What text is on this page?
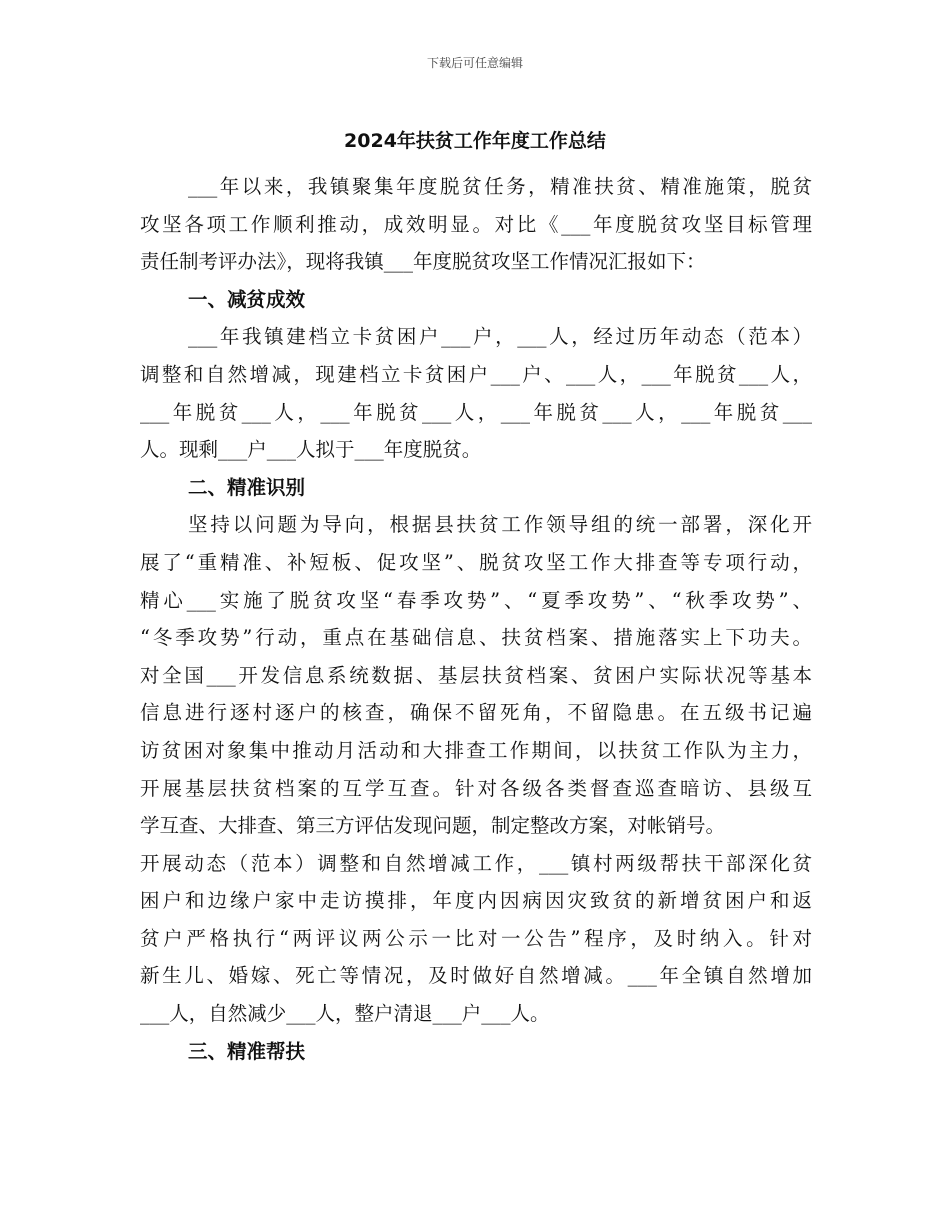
下载后可任意编辑
2024年扶贫工作年度工作总结
___年以来，我镇聚集年度脱贫任务，精准扶贫、精准施策，脱贫
攻坚各项工作顺利推动，成效明显。对比《___年度脱贫攻坚目标管理
责任制考评办法》，现将我镇___年度脱贫攻坚工作情况汇报如下：
一、减贫成效
___年我镇建档立卡贫困户___户，___人，经过历年动态（范本）
调整和自然增减，现建档立卡贫困户___户、___人，___年脱贫___人，
___年脱贫___人，___年脱贫___人，___年脱贫___人，___年脱贫___
人。现剩___户___人拟于___年度脱贫。
二、精准识别
坚持以问题为导向，根据县扶贫工作领导组的统一部署，深化开
展了“重精准、补短板、促攻坚”、脱贫攻坚工作大排查等专项行动，
精心___实施了脱贫攻坚“春季攻势”、“夏季攻势”、“秋季攻势”、
“冬季攻势”行动，重点在基础信息、扶贫档案、措施落实上下功夫。
对全国___开发信息系统数据、基层扶贫档案、贫困户实际状况等基本
信息进行逐村逐户的核查，确保不留死角，不留隐患。在五级书记遍
访贫困对象集中推动月活动和大排查工作期间，以扶贫工作队为主力，
开展基层扶贫档案的互学互查。针对各级各类督查巡查暗访、县级互
学互查、大排查、第三方评估发现问题，制定整改方案，对帐销号。
开展动态（范本）调整和自然增减工作，___镇村两级帮扶干部深化贫
困户和边缘户家中走访摸排，年度内因病因灾致贫的新增贫困户和返
贫户严格执行“两评议两公示一比对一公告”程序，及时纳入。针对
新生儿、婚嫁、死亡等情况，及时做好自然增减。___年全镇自然增加
___人，自然减少___人，整户清退___户___人。
三、精准帮扶
